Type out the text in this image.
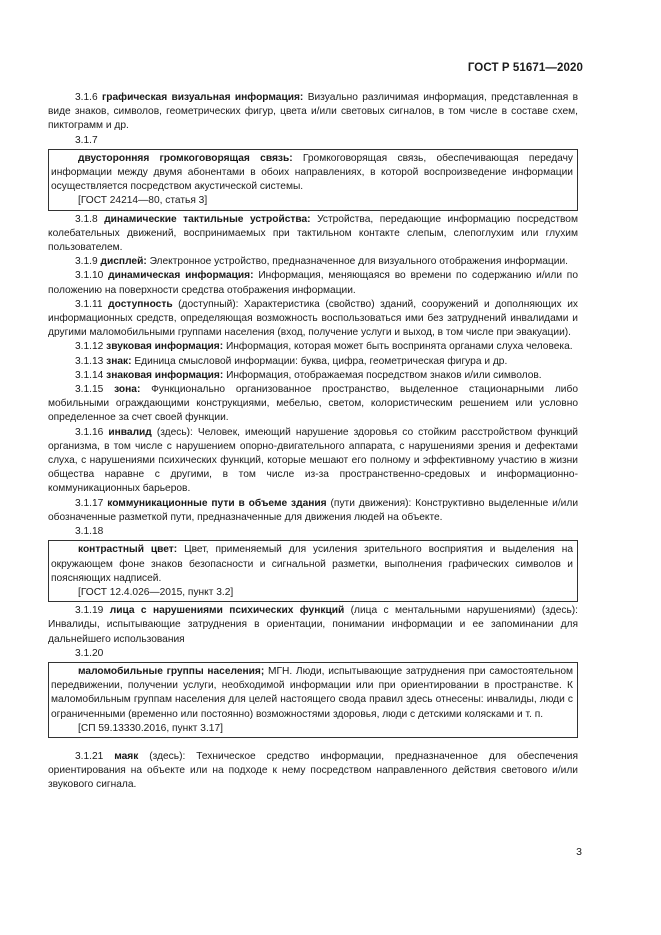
ГОСТ Р 51671—2020

3.1.6 графическая визуальная информация: Визуально различимая информация, представленная в виде знаков, символов, геометрических фигур, цвета и/или световых сигналов, в том числе в составе схем, пиктограмм и др.

3.1.7

двусторонняя громкоговорящая связь: Громкоговорящая связь, обеспечивающая передачу информации между двумя абонентами в обоих направлениях, в которой воспроизведение информации осуществляется посредством акустической системы.

[ГОСТ 24214—80, статья 3]

3.1.8 динамические тактильные устройства: Устройства, передающие информацию посредством колебательных движений, воспринимаемых при тактильном контакте слепым, слепоглухим или глухим пользователем.

3.1.9 дисплей: Электронное устройство, предназначенное для визуального отображения информации.

3.1.10 динамическая информация: Информация, меняющаяся во времени по содержанию и/или по положению на поверхности средства отображения информации.

3.1.11 доступность (доступный): Характеристика (свойство) зданий, сооружений и дополняющих их информационных средств, определяющая возможность воспользоваться ими без затруднений инвалидами и другими маломобильными группами населения (вход, получение услуги и выход, в том числе при эвакуации).

3.1.12 звуковая информация: Информация, которая может быть воспринята органами слуха человека.

3.1.13 знак: Единица смысловой информации: буква, цифра, геометрическая фигура и др.

3.1.14 знаковая информация: Информация, отображаемая посредством знаков и/или символов.

3.1.15 зона: Функционально организованное пространство, выделенное стационарными либо мобильными ограждающими конструкциями, мебелью, светом, колористическим решением или условно определенное за счет своей функции.

3.1.16 инвалид (здесь): Человек, имеющий нарушение здоровья со стойким расстройством функций организма, в том числе с нарушением опорно-двигательного аппарата, с нарушениями зрения и дефектами слуха, с нарушениями психических функций, которые мешают его полному и эффективному участию в жизни общества наравне с другими, в том числе из-за пространственно-средовых и информационно-коммуникационных барьеров.

3.1.17 коммуникационные пути в объеме здания (пути движения): Конструктивно выделенные и/или обозначенные разметкой пути, предназначенные для движения людей на объекте.

3.1.18

контрастный цвет: Цвет, применяемый для усиления зрительного восприятия и выделения на окружающем фоне знаков безопасности и сигнальной разметки, выполнения графических символов и поясняющих надписей.

[ГОСТ 12.4.026—2015, пункт 3.2]

3.1.19 лица с нарушениями психических функций (лица с ментальными нарушениями) (здесь): Инвалиды, испытывающие затруднения в ориентации, понимании информации и ее запоминании для дальнейшего использования

3.1.20

маломобильные группы населения; МГН. Люди, испытывающие затруднения при самостоятельном передвижении, получении услуги, необходимой информации или при ориентировании в пространстве. К маломобильным группам населения для целей настоящего свода правил здесь отнесены: инвалиды, люди с ограниченными (временно или постоянно) возможностями здоровья, люди с детскими колясками и т. п.

[СП 59.13330.2016, пункт 3.17]

3.1.21 маяк (здесь): Техническое средство информации, предназначенное для обеспечения ориентирования на объекте или на подходе к нему посредством направленного действия светового и/или звукового сигнала.

3
